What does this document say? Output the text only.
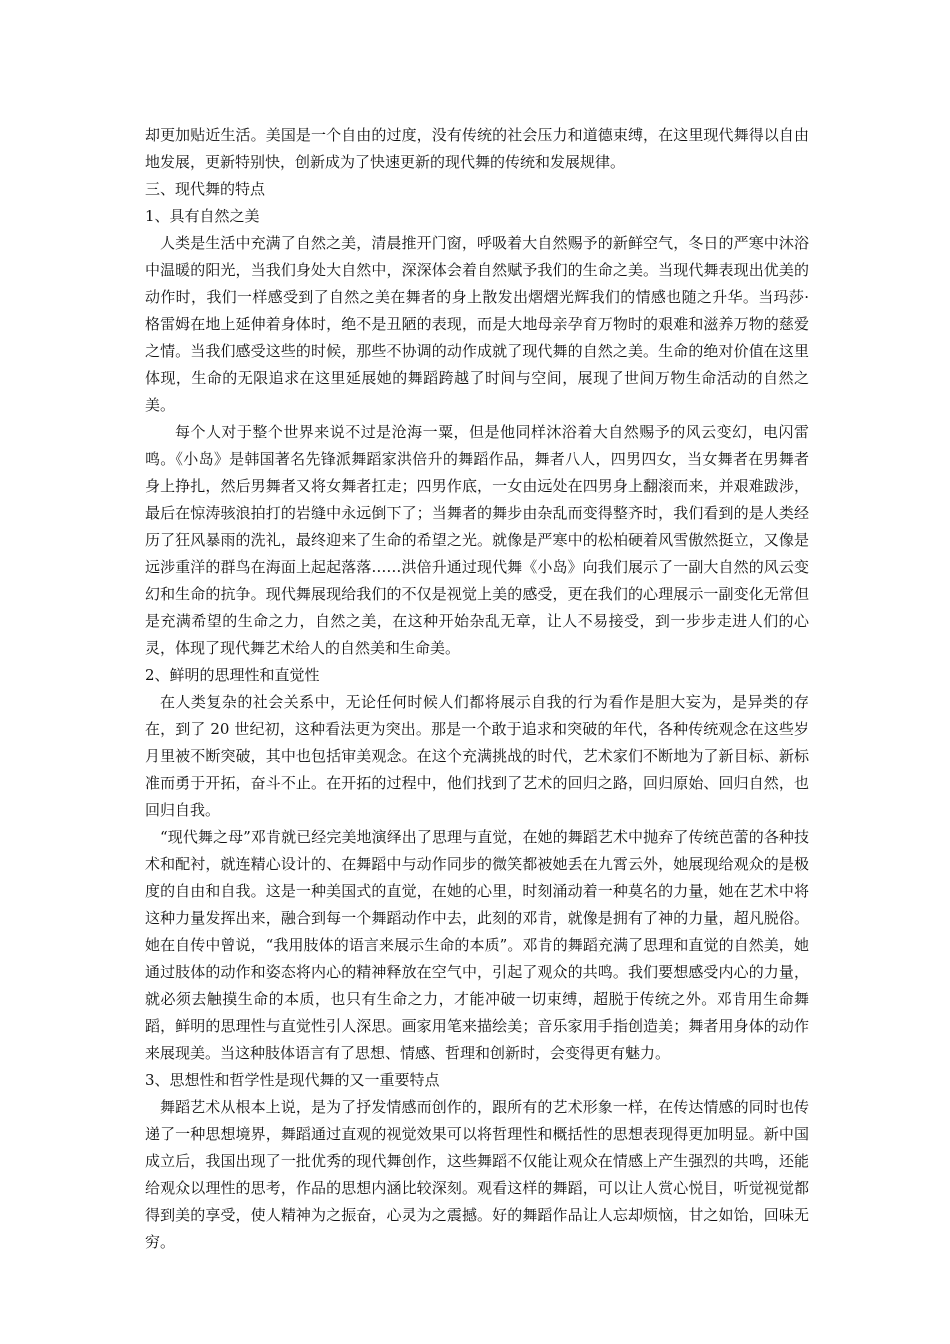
却更加贴近生活。美国是一个自由的过度，没有传统的社会压力和道德束缚，在这里现代舞得以自由地发展，更新特别快，创新成为了快速更新的现代舞的传统和发展规律。

三、现代舞的特点

1、具有自然之美

人类是生活中充满了自然之美，清晨推开门窗，呼吸着大自然赐予的新鲜空气，冬日的严寒中沐浴中温暖的阳光，当我们身处大自然中，深深体会着自然赋予我们的生命之美。当现代舞表现出优美的动作时，我们一样感受到了自然之美在舞者的身上散发出熠熠光辉我们的情感也随之升华。当玛莎·格雷姆在地上延伸着身体时，绝不是丑陋的表现，而是大地母亲孕育万物时的艰难和滋养万物的慈爱之情。当我们感受这些的时候，那些不协调的动作成就了现代舞的自然之美。生命的绝对价值在这里体现，生命的无限追求在这里延展她的舞蹈跨越了时间与空间，展现了世间万物生命活动的自然之美。

每个人对于整个世界来说不过是沧海一粟，但是他同样沐浴着大自然赐予的风云变幻，电闪雷鸣。《小岛》是韩国著名先锋派舞蹈家洪倍升的舞蹈作品，舞者八人，四男四女，当女舞者在男舞者身上挣扎，然后男舞者又将女舞者扛走；四男作底，一女由远处在四男身上翻滚而来，并艰难跋涉，最后在惊涛骇浪拍打的岩缝中永远倒下了；当舞者的舞步由杂乱而变得整齐时，我们看到的是人类经历了狂风暴雨的洗礼，最终迎来了生命的希望之光。就像是严寒中的松柏硬着风雪傲然挺立，又像是远涉重洋的群鸟在海面上起起落落……洪倍升通过现代舞《小岛》向我们展示了一副大自然的风云变幻和生命的抗争。现代舞展现给我们的不仅是视觉上美的感受，更在我们的心理展示一副变化无常但是充满希望的生命之力，自然之美，在这种开始杂乱无章，让人不易接受，到一步步走进人们的心灵，体现了现代舞艺术给人的自然美和生命美。

2、鲜明的思理性和直觉性

在人类复杂的社会关系中，无论任何时候人们都将展示自我的行为看作是胆大妄为，是异类的存在，到了 20 世纪初，这种看法更为突出。那是一个敢于追求和突破的年代，各种传统观念在这些岁月里被不断突破，其中也包括审美观念。在这个充满挑战的时代，艺术家们不断地为了新目标、新标准而勇于开拓，奋斗不止。在开拓的过程中，他们找到了艺术的回归之路，回归原始、回归自然，也回归自我。

“现代舞之母”邓肯就已经完美地演绎出了思理与直觉，在她的舞蹈艺术中抛弃了传统芭蕾的各种技术和配衬，就连精心设计的、在舞蹈中与动作同步的微笑都被她丢在九霄云外，她展现给观众的是极度的自由和自我。这是一种美国式的直觉，在她的心里，时刻涌动着一种莫名的力量，她在艺术中将这种力量发挥出来，融合到每一个舞蹈动作中去，此刻的邓肯，就像是拥有了神的力量，超凡脱俗。她在自传中曾说，“我用肢体的语言来展示生命的本质”。邓肯的舞蹈充满了思理和直觉的自然美，她通过肢体的动作和姿态将内心的精神释放在空气中，引起了观众的共鸣。我们要想感受内心的力量，就必须去触摸生命的本质，也只有生命之力，才能冲破一切束缚，超脱于传统之外。邓肯用生命舞蹈，鲜明的思理性与直觉性引人深思。画家用笔来描绘美；音乐家用手指创造美；舞者用身体的动作来展现美。当这种肢体语言有了思想、情感、哲理和创新时，会变得更有魅力。

3、思想性和哲学性是现代舞的又一重要特点

舞蹈艺术从根本上说，是为了抒发情感而创作的，跟所有的艺术形象一样，在传达情感的同时也传递了一种思想境界，舞蹈通过直观的视觉效果可以将哲理性和概括性的思想表现得更加明显。新中国成立后，我国出现了一批优秀的现代舞创作，这些舞蹈不仅能让观众在情感上产生强烈的共鸣，还能给观众以理性的思考，作品的思想内涵比较深刻。观看这样的舞蹈，可以让人赏心悦目，听觉视觉都得到美的享受，使人精神为之振奋，心灵为之震撼。好的舞蹈作品让人忘却烦恼，甘之如饴，回味无穷。
